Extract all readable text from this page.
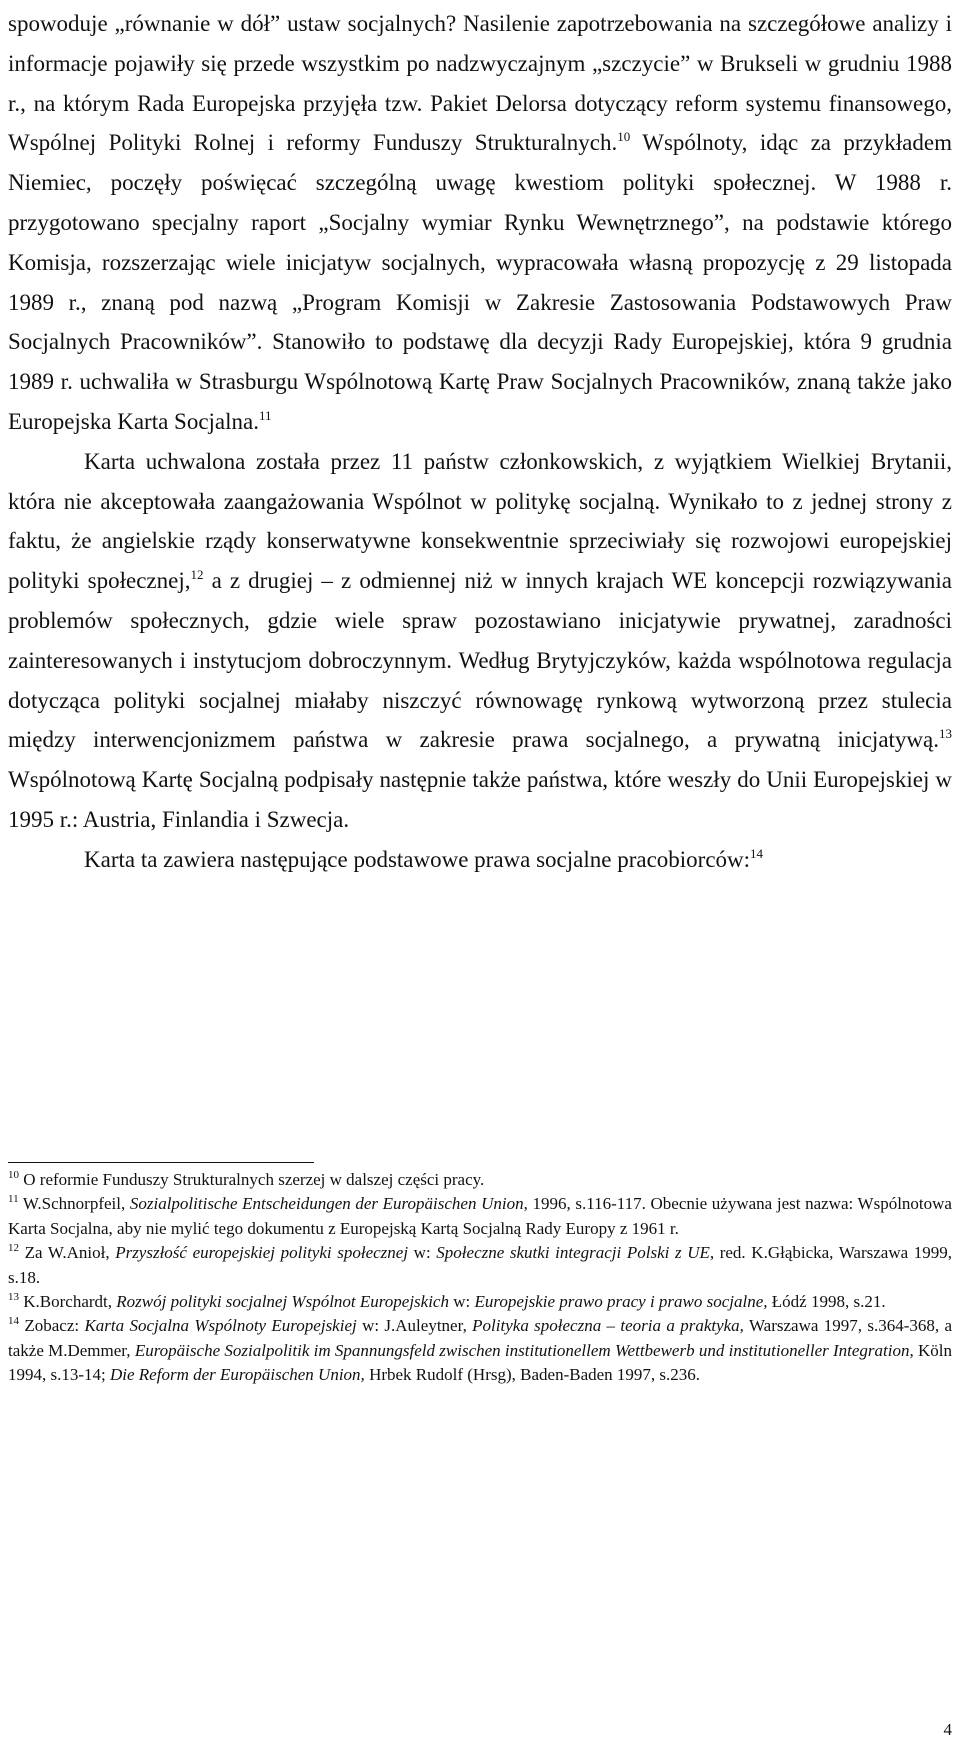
spowoduje „równanie w dół” ustaw socjalnych? Nasilenie zapotrzebowania na szczegółowe analizy i informacje pojawiły się przede wszystkim po nadzwyczajnym „szczycie” w Brukseli w grudniu 1988 r., na którym Rada Europejska przyjęła tzw. Pakiet Delorsa dotyczący reform systemu finansowego, Wspólnej Polityki Rolnej i reformy Funduszy Strukturalnych.$^{10}$ Wspólnoty, idąc za przykładem Niemiec, poczęły poświęcać szczególną uwagę kwestiom polityki społecznej. W 1988 r. przygotowano specjalny raport „Socjalny wymiar Rynku Wewnętrznego”, na podstawie którego Komisja, rozszerzając wiele inicjatyw socjalnych, wypracowała własną propozycję z 29 listopada 1989 r., znaną pod nazwą „Program Komisji w Zakresie Zastosowania Podstawowych Praw Socjalnych Pracowników”. Stanowiło to podstawę dla decyzji Rady Europejskiej, która 9 grudnia 1989 r. uchwaliła w Strasburgu Wspólnotową Kartę Praw Socjalnych Pracowników, znaną także jako Europejska Karta Socjalna.$^{11}$

Karta uchwalona została przez 11 państw członkowskich, z wyjątkiem Wielkiej Brytanii, która nie akceptowała zaangażowania Wspólnot w politykę socjalną. Wynikało to z jednej strony z faktu, że angielskie rządy konserwatywne konsekwentnie sprzeciwiały się rozwojowi europejskiej polityki społecznej,$^{12}$ a z drugiej – z odmiennej niż w innych krajach WE koncepcji rozwiązywania problemów społecznych, gdzie wiele spraw pozostawiano inicjatywie prywatnej, zaradności zainteresowanych i instytucjom dobroczynnym. Według Brytyjczyków, każda wspólnotowa regulacja dotycząca polityki socjalnej miałaby niszczyć równowagę rynkową wytworzoną przez stulecia między interwencjonizmem państwa w zakresie prawa socjalnego, a prywatną inicjatywą.$^{13}$ Wspólnotową Kartę Socjalną podpisały następnie także państwa, które weszły do Unii Europejskiej w 1995 r.: Austria, Finlandia i Szwecja.

Karta ta zawiera następujące podstawowe prawa socjalne pracobiorców:$^{14}$

$^{10}$ O reformie Funduszy Strukturalnych szerzej w dalszej części pracy.

$^{11}$ W.Schnorpfeil, Sozialpolitische Entscheidungen der Europäischen Union, 1996, s.116-117. Obecnie używana jest nazwa: Wspólnotowa Karta Socjalna, aby nie mylić tego dokumentu z Europejską Kartą Socjalną Rady Europy z 1961 r.

$^{12}$ Za W.Anioł, Przyszłość europejskiej polityki społecznej w: Społeczne skutki integracji Polski z UE, red. K.Głąbicka, Warszawa 1999, s.18.

$^{13}$ K.Borchardt, Rozwój polityki socjalnej Wspólnot Europejskich w: Europejskie prawo pracy i prawo socjalne, Łódź 1998, s.21.

$^{14}$ Zobacz: Karta Socjalna Wspólnoty Europejskiej w: J.Auleytner, Polityka społeczna – teoria a praktyka, Warszawa 1997, s.364-368, a także M.Demmer, Europäische Sozialpolitik im Spannungsfeld zwischen institutionellem Wettbewerb und institutioneller Integration, Köln 1994, s.13-14; Die Reform der Europäischen Union, Hrbek Rudolf (Hrsg), Baden-Baden 1997, s.236.

4
